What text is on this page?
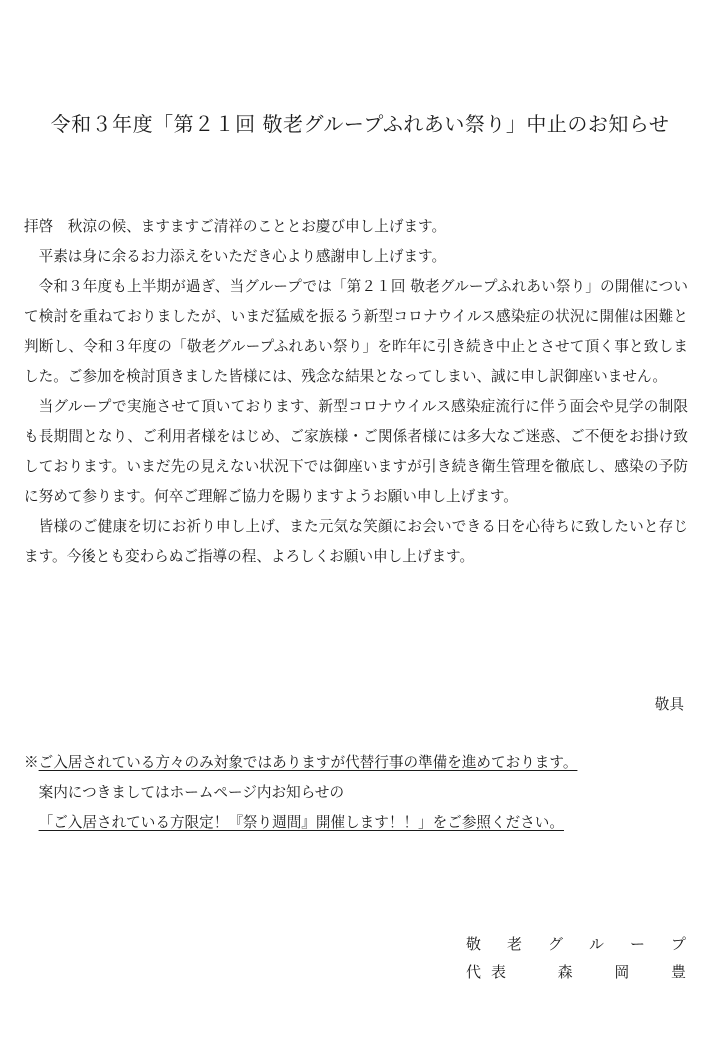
令和３年度「第２１回 敬老グループふれあい祭り」中止のお知らせ

拝啓　秋涼の候、ますますご清祥のこととお慶び申し上げます。

平素は身に余るお力添えをいただき心より感謝申し上げます。

令和３年度も上半期が過ぎ、当グループでは「第２１回 敬老グループふれあい祭り」の開催について検討を重ねておりましたが、いまだ猛威を振るう新型コロナウイルス感染症の状況に開催は困難と判断し、令和３年度の「敬老グループふれあい祭り」を昨年に引き続き中止とさせて頂く事と致しました。ご参加を検討頂きました皆様には、残念な結果となってしまい、誠に申し訳御座いません。

当グループで実施させて頂いております、新型コロナウイルス感染症流行に伴う面会や見学の制限も長期間となり、ご利用者様をはじめ、ご家族様・ご関係者様には多大なご迷惑、ご不便をお掛け致しております。いまだ先の見えない状況下では御座いますが引き続き衛生管理を徹底し、感染の予防に努めて参ります。何卒ご理解ご協力を賜りますようお願い申し上げます。

皆様のご健康を切にお祈り申し上げ、また元気な笑顔にお会いできる日を心待ちに致したいと存じます。今後とも変わらぬご指導の程、よろしくお願い申し上げます。

敬具
※ご入居されている方々のみ対象ではありますが代替行事の準備を進めております。
案内につきましてはホームページ内お知らせの
「ご入居されている方限定！『祭り週間』開催します！！」をご参照ください。
敬 老 グ ル ー プ
代表	森	岡	豊
